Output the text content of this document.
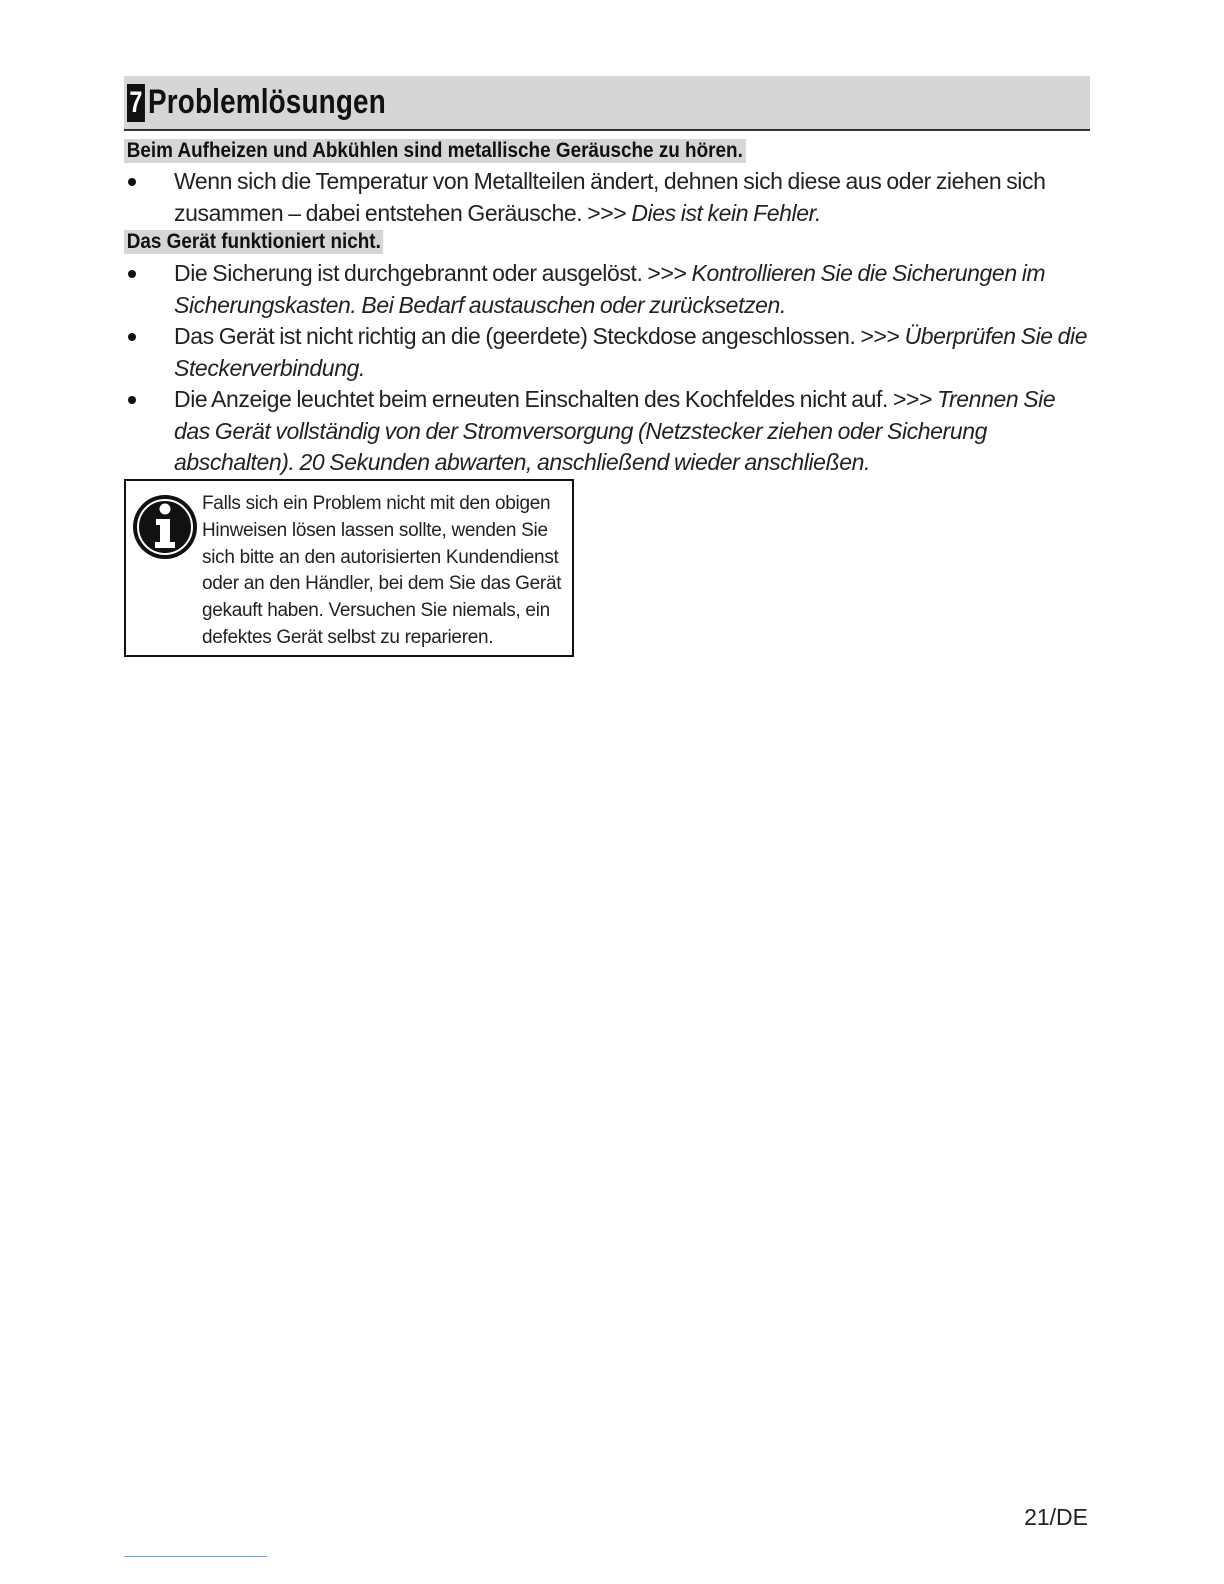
7 Problemlösungen
Beim Aufheizen und Abkühlen sind metallische Geräusche zu hören.
Wenn sich die Temperatur von Metallteilen ändert, dehnen sich diese aus oder ziehen sich zusammen – dabei entstehen Geräusche. >>> Dies ist kein Fehler.
Das Gerät funktioniert nicht.
Die Sicherung ist durchgebrannt oder ausgelöst. >>> Kontrollieren Sie die Sicherungen im Sicherungskasten. Bei Bedarf austauschen oder zurücksetzen.
Das Gerät ist nicht richtig an die (geerdete) Steckdose angeschlossen. >>> Überprüfen Sie die Steckerverbindung.
Die Anzeige leuchtet beim erneuten Einschalten des Kochfeldes nicht auf. >>> Trennen Sie das Gerät vollständig von der Stromversorgung (Netzstecker ziehen oder Sicherung abschalten). 20 Sekunden abwarten, anschließend wieder anschließen.
Falls sich ein Problem nicht mit den obigen Hinweisen lösen lassen sollte, wenden Sie sich bitte an den autorisierten Kundendienst oder an den Händler, bei dem Sie das Gerät gekauft haben. Versuchen Sie niemals, ein defektes Gerät selbst zu reparieren.
21/DE
